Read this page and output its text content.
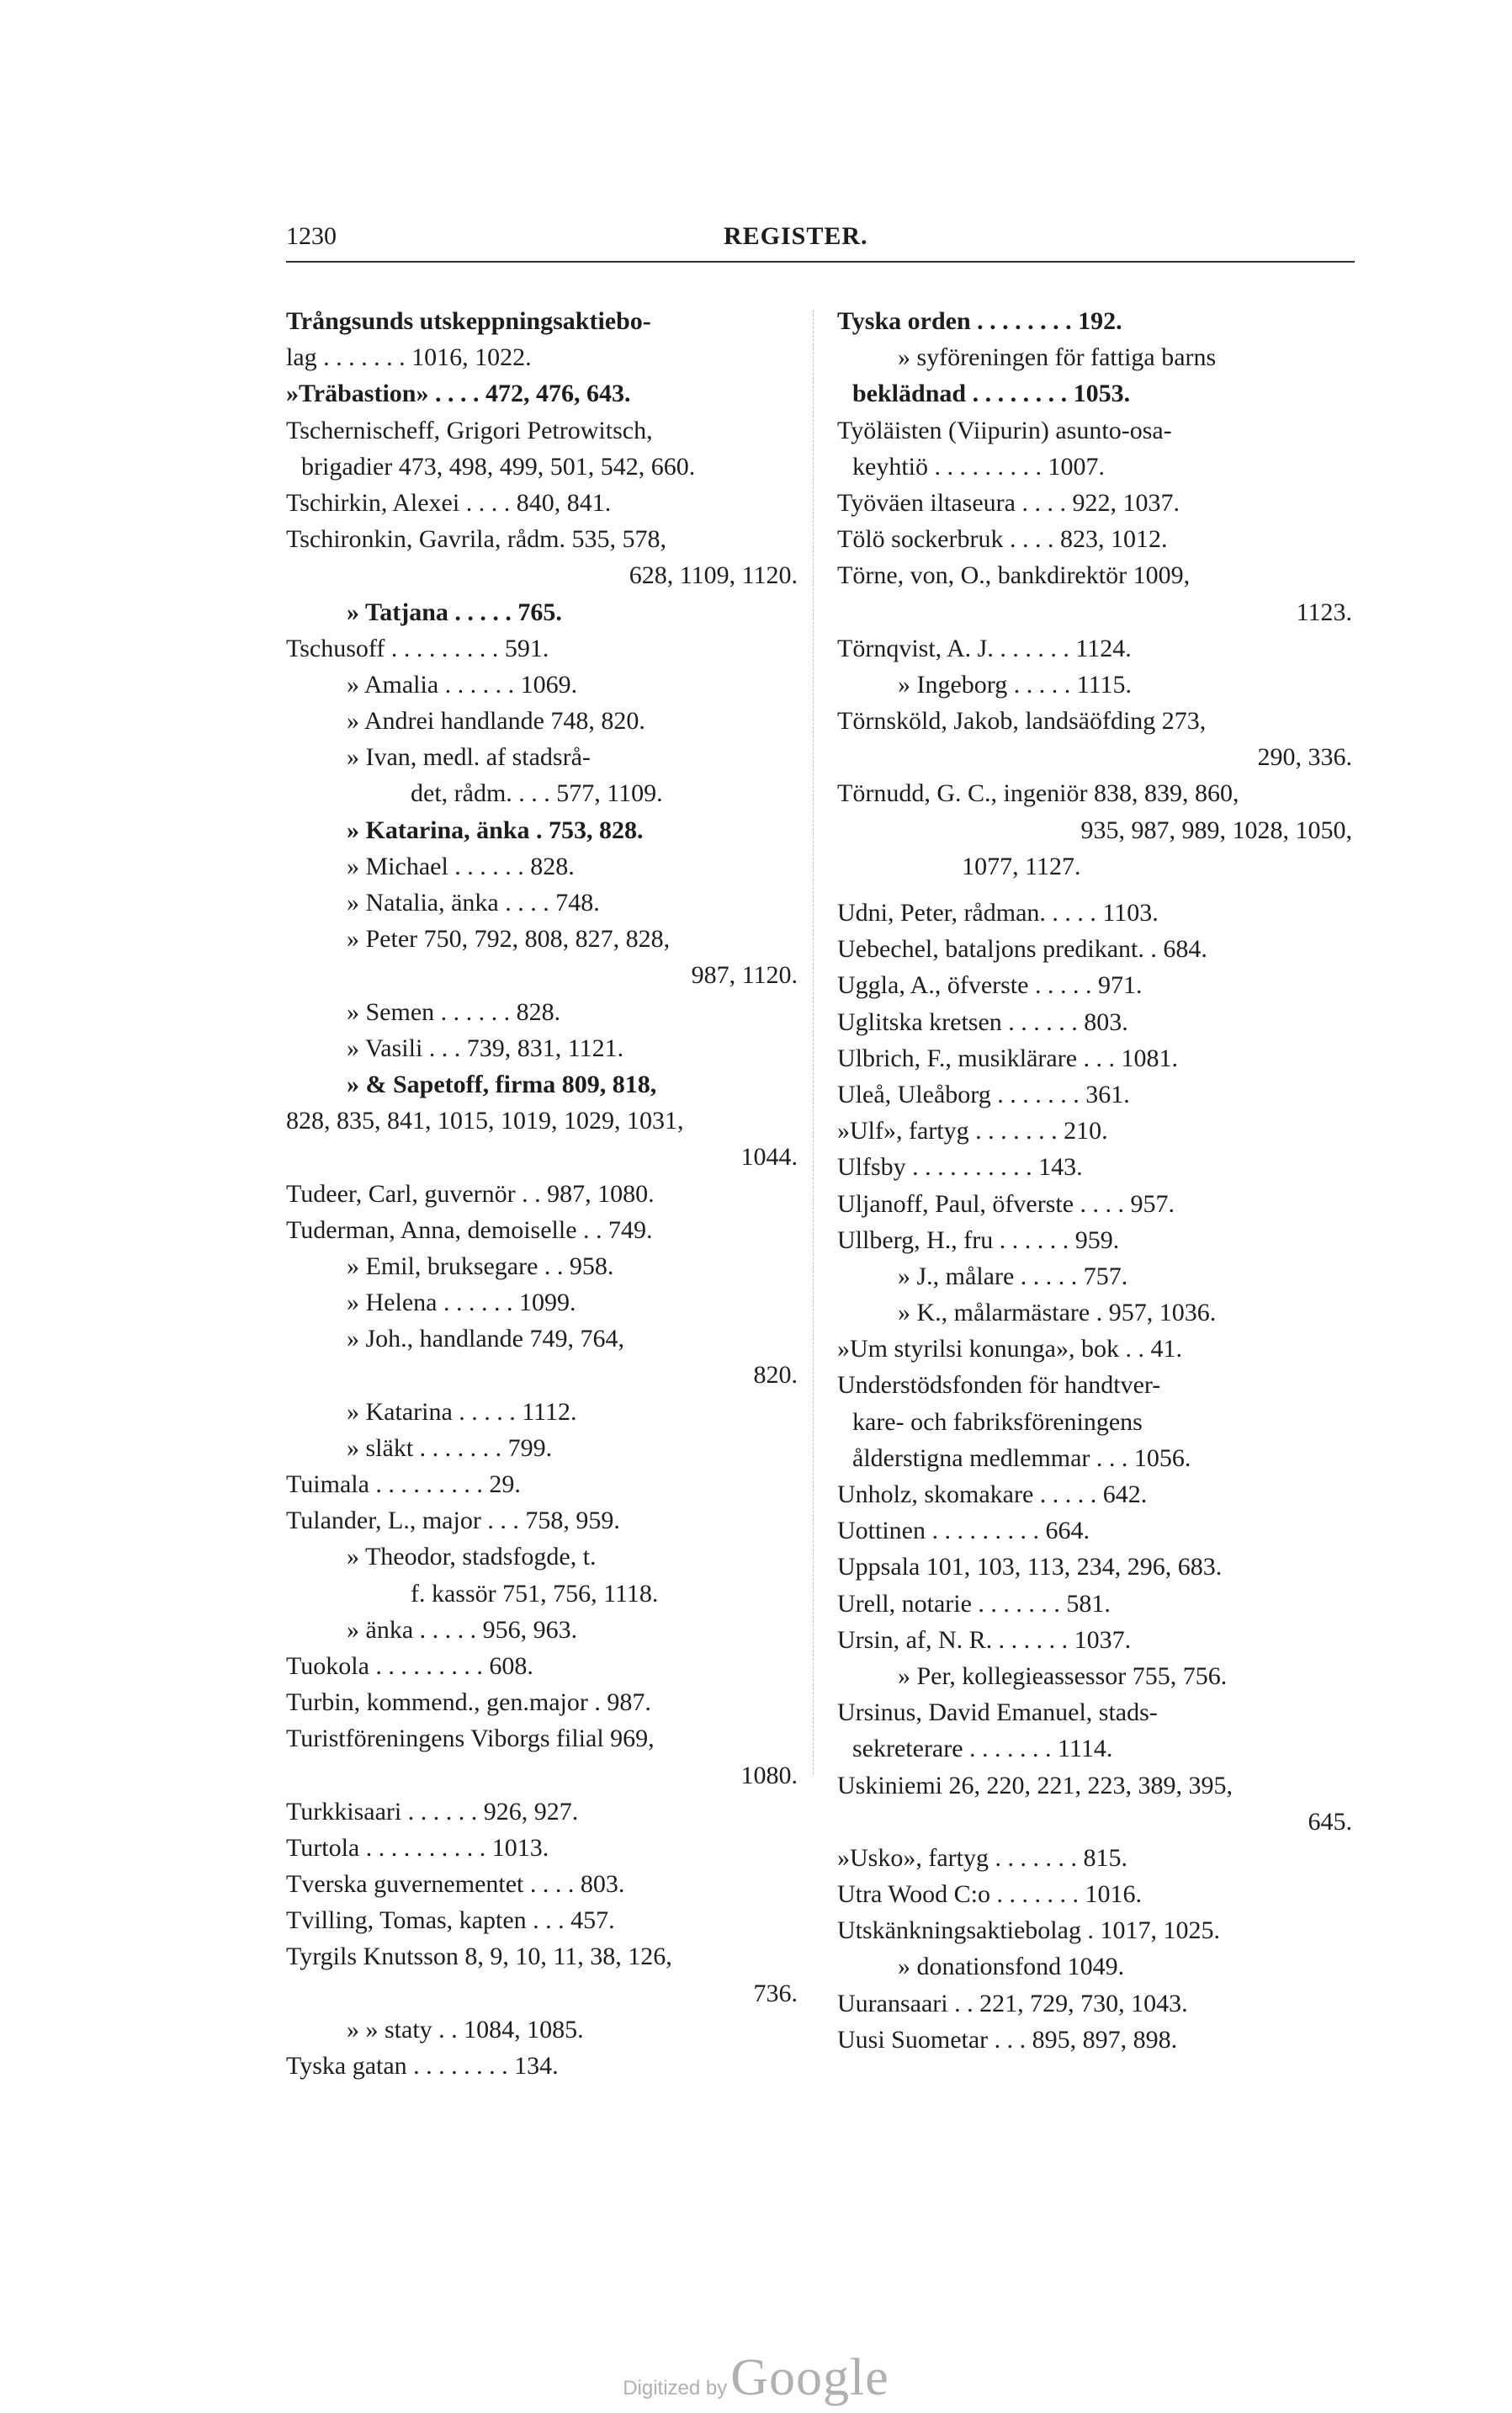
1230	REGISTER.
Trångsunds utskeppningsaktiebo-
lag . . . . . . . 1016, 1022.
»Träbastion» . . . . 472, 476, 643.
Tschernischeff, Grigori Petrowitsch,
brigadier 473, 498, 499, 501, 542, 660.
Tschirkin, Alexei . . . . 840, 841.
Tschironkin, Gavrila, rådm. 535, 578,
628, 1109, 1120.
» Tatjana . . . . . 765.
Tschusoff . . . . . . . . . 591.
» Amalia . . . . . . 1069.
» Andrei handlande 748, 820.
» Ivan, medl. af stadsrå-
det, rådm. . . . 577, 1109.
» Katarina, änka . 753, 828.
» Michael . . . . . . 828.
» Natalia, änka . . . . 748.
» Peter 750, 792, 808, 827, 828,
987, 1120.
» Semen . . . . . . 828.
» Vasili . . . 739, 831, 1121.
» & Sapetoff, firma 809, 818,
828, 835, 841, 1015, 1019, 1029, 1031,
1044.
Tudeer, Carl, guvernör . . 987, 1080.
Tuderman, Anna, demoiselle . . 749.
» Emil, bruksegare . . 958.
» Helena . . . . . . 1099.
» Joh., handlande 749, 764,
820.
» Katarina . . . . . 1112.
» släkt . . . . . . . 799.
Tuimala . . . . . . . . . 29.
Tulander, L., major . . . 758, 959.
» Theodor, stadsfogde, t.
f. kassör 751, 756, 1118.
» änka . . . . . 956, 963.
Tuokola . . . . . . . . . 608.
Turbin, kommend., gen.major . 987.
Turistföreningens Viborgs filial 969,
1080.
Turkkisaari . . . . . . 926, 927.
Turtola . . . . . . . . . . 1013.
Tverska guvernementet . . . . 803.
Tvilling, Tomas, kapten . . . 457.
Tyrgils Knutsson 8, 9, 10, 11, 38, 126,
736.
» » staty . . 1084, 1085.
Tyska gatan . . . . . . . . 134.
Tyska orden . . . . . . . . 192.
» syföreningen för fattiga barns
beklädnad . . . . . . . . 1053.
Työläisten (Viipurin) asunto-osa-
keyhtiö . . . . . . . . . 1007.
Työväen iltaseura . . . . 922, 1037.
Tölö sockerbruk . . . . 823, 1012.
Törne, von, O., bankdirektör 1009,
1123.
Törnqvist, A. J. . . . . . . 1124.
» Ingeborg . . . . . 1115.
Törnsköld, Jakob, landsäöfding 273,
290, 336.
Törnudd, G. C., ingeniör 838, 839, 860,
935, 987, 989, 1028, 1050,
1077, 1127.
Udni, Peter, rådman. . . . . 1103.
Uebechel, bataljons predikant. . 684.
Uggla, A., öfverste . . . . . 971.
Uglitska kretsen . . . . . . 803.
Ulbrich, F., musiklärare . . . 1081.
Uleå, Uleåborg . . . . . . . 361.
»Ulf», fartyg . . . . . . . 210.
Ulfsby . . . . . . . . . . 143.
Uljanoff, Paul, öfverste . . . . 957.
Ullberg, H., fru . . . . . . 959.
» J., målare . . . . . 757.
» K., målarmästare . 957, 1036.
»Um styrilsi konunga», bok . . 41.
Understödsfonden för handtver-
kare- och fabriksföreningens
ålderstigna medlemmar . . . 1056.
Unholz, skomakare . . . . . 642.
Uottinen . . . . . . . . . 664.
Uppsala 101, 103, 113, 234, 296, 683.
Urell, notarie . . . . . . . 581.
Ursin, af, N. R. . . . . . . 1037.
» Per, kollegieassessor 755, 756.
Ursinus, David Emanuel, stads-
sekreterare . . . . . . . 1114.
Uskiniemi 26, 220, 221, 223, 389, 395,
645.
»Usko», fartyg . . . . . . . 815.
Utra Wood C:o . . . . . . . 1016.
Utskänkningsaktiebolag . 1017, 1025.
» donationsfond 1049.
Uuransaari . . 221, 729, 730, 1043.
Uusi Suometar . . . 895, 897, 898.
Digitized by Google
